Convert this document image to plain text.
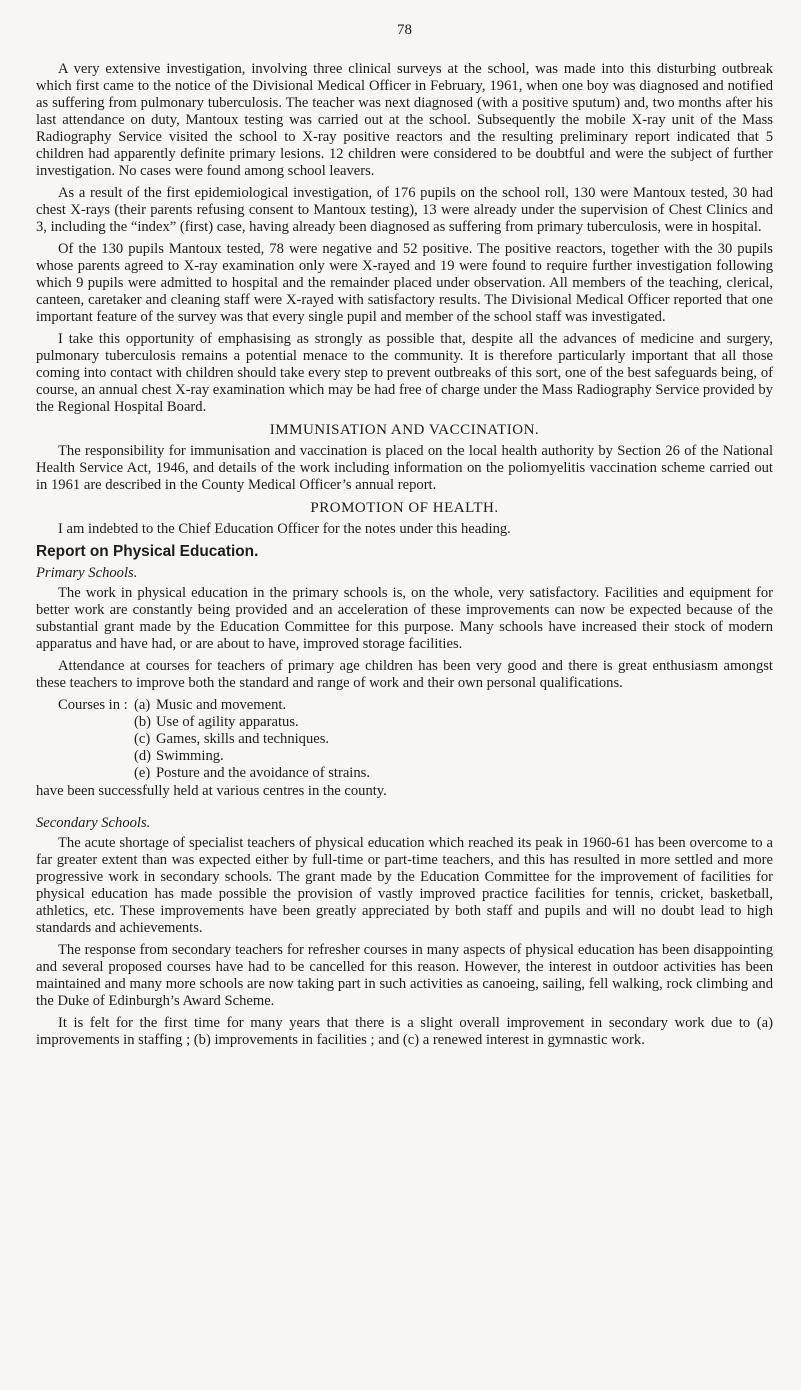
78

A very extensive investigation, involving three clinical surveys at the school, was made into this disturbing outbreak which first came to the notice of the Divisional Medical Officer in February, 1961, when one boy was diagnosed and notified as suffering from pulmonary tuberculosis. The teacher was next diagnosed (with a positive sputum) and, two months after his last attendance on duty, Mantoux testing was carried out at the school. Subsequently the mobile X-ray unit of the Mass Radiography Service visited the school to X-ray positive reactors and the resulting preliminary report indicated that 5 children had apparently definite primary lesions. 12 children were considered to be doubtful and were the subject of further investigation. No cases were found among school leavers.

As a result of the first epidemiological investigation, of 176 pupils on the school roll, 130 were Mantoux tested, 30 had chest X-rays (their parents refusing consent to Mantoux testing), 13 were already under the supervision of Chest Clinics and 3, including the “index” (first) case, having already been diagnosed as suffering from primary tuberculosis, were in hospital.

Of the 130 pupils Mantoux tested, 78 were negative and 52 positive. The positive reactors, together with the 30 pupils whose parents agreed to X-ray examination only were X-rayed and 19 were found to require further investigation following which 9 pupils were admitted to hospital and the remainder placed under observation. All members of the teaching, clerical, canteen, caretaker and cleaning staff were X-rayed with satisfactory results. The Divisional Medical Officer reported that one important feature of the survey was that every single pupil and member of the school staff was investigated.

I take this opportunity of emphasising as strongly as possible that, despite all the advances of medicine and surgery, pulmonary tuberculosis remains a potential menace to the community. It is therefore particularly important that all those coming into contact with children should take every step to prevent outbreaks of this sort, one of the best safeguards being, of course, an annual chest X-ray examination which may be had free of charge under the Mass Radiography Service provided by the Regional Hospital Board.

IMMUNISATION AND VACCINATION.

The responsibility for immunisation and vaccination is placed on the local health authority by Section 26 of the National Health Service Act, 1946, and details of the work including information on the poliomyelitis vaccination scheme carried out in 1961 are described in the County Medical Officer’s annual report.

PROMOTION OF HEALTH.

I am indebted to the Chief Education Officer for the notes under this heading.

Report on Physical Education.
Primary Schools.

The work in physical education in the primary schools is, on the whole, very satisfactory. Facilities and equipment for better work are constantly being provided and an acceleration of these improvements can now be expected because of the substantial grant made by the Education Committee for this purpose. Many schools have increased their stock of modern apparatus and have had, or are about to have, improved storage facilities.

Attendance at courses for teachers of primary age children has been very good and there is great enthusiasm amongst these teachers to improve both the standard and range of work and their own personal qualifications.

Courses in : (a) Music and movement.
(b) Use of agility apparatus.
(c) Games, skills and techniques.
(d) Swimming.
(e) Posture and the avoidance of strains.

have been successfully held at various centres in the county.

Secondary Schools.

The acute shortage of specialist teachers of physical education which reached its peak in 1960-61 has been overcome to a far greater extent than was expected either by full-time or part-time teachers, and this has resulted in more settled and more progressive work in secondary schools. The grant made by the Education Committee for the improvement of facilities for physical education has made possible the provision of vastly improved practice facilities for tennis, cricket, basketball, athletics, etc. These improvements have been greatly appreciated by both staff and pupils and will no doubt lead to high standards and achievements.

The response from secondary teachers for refresher courses in many aspects of physical education has been disappointing and several proposed courses have had to be cancelled for this reason. However, the interest in outdoor activities has been maintained and many more schools are now taking part in such activities as canoeing, sailing, fell walking, rock climbing and the Duke of Edinburgh’s Award Scheme.

It is felt for the first time for many years that there is a slight overall improvement in secondary work due to (a) improvements in staffing ; (b) improvements in facilities ; and (c) a renewed interest in gymnastic work.
